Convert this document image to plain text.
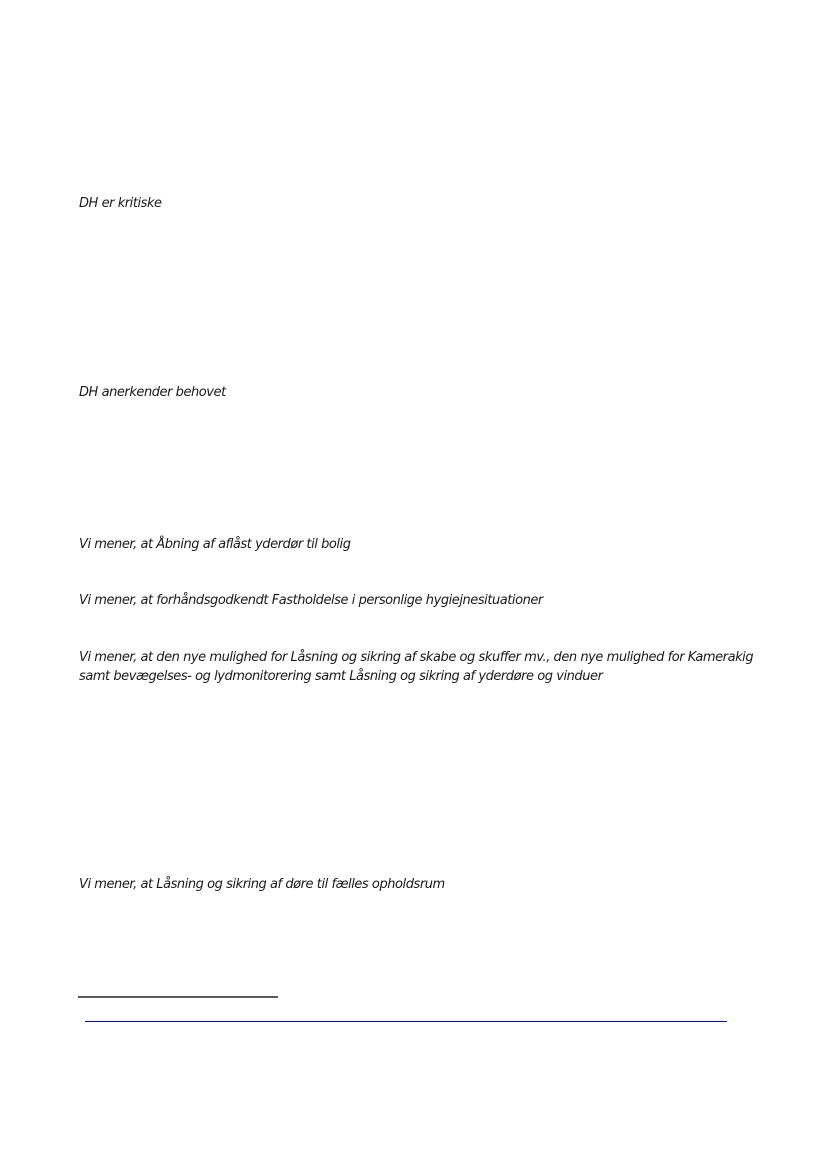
DH er kritiske

DH anerkender behovet

Vi mener, at Åbning af aflåst yderdør til bolig

Vi mener, at forhåndsgodkendt Fastholdelse i personlige hygiejnesituationer

Vi mener, at den nye mulighed for Låsning og sikring af skabe og skuffer mv., den nye mulighed for Kamerakig
samt bevægelses- og lydmonitorering samt Låsning og sikring af yderdøre og vinduer

Vi mener, at Låsning og sikring af døre til fælles opholdsrum
